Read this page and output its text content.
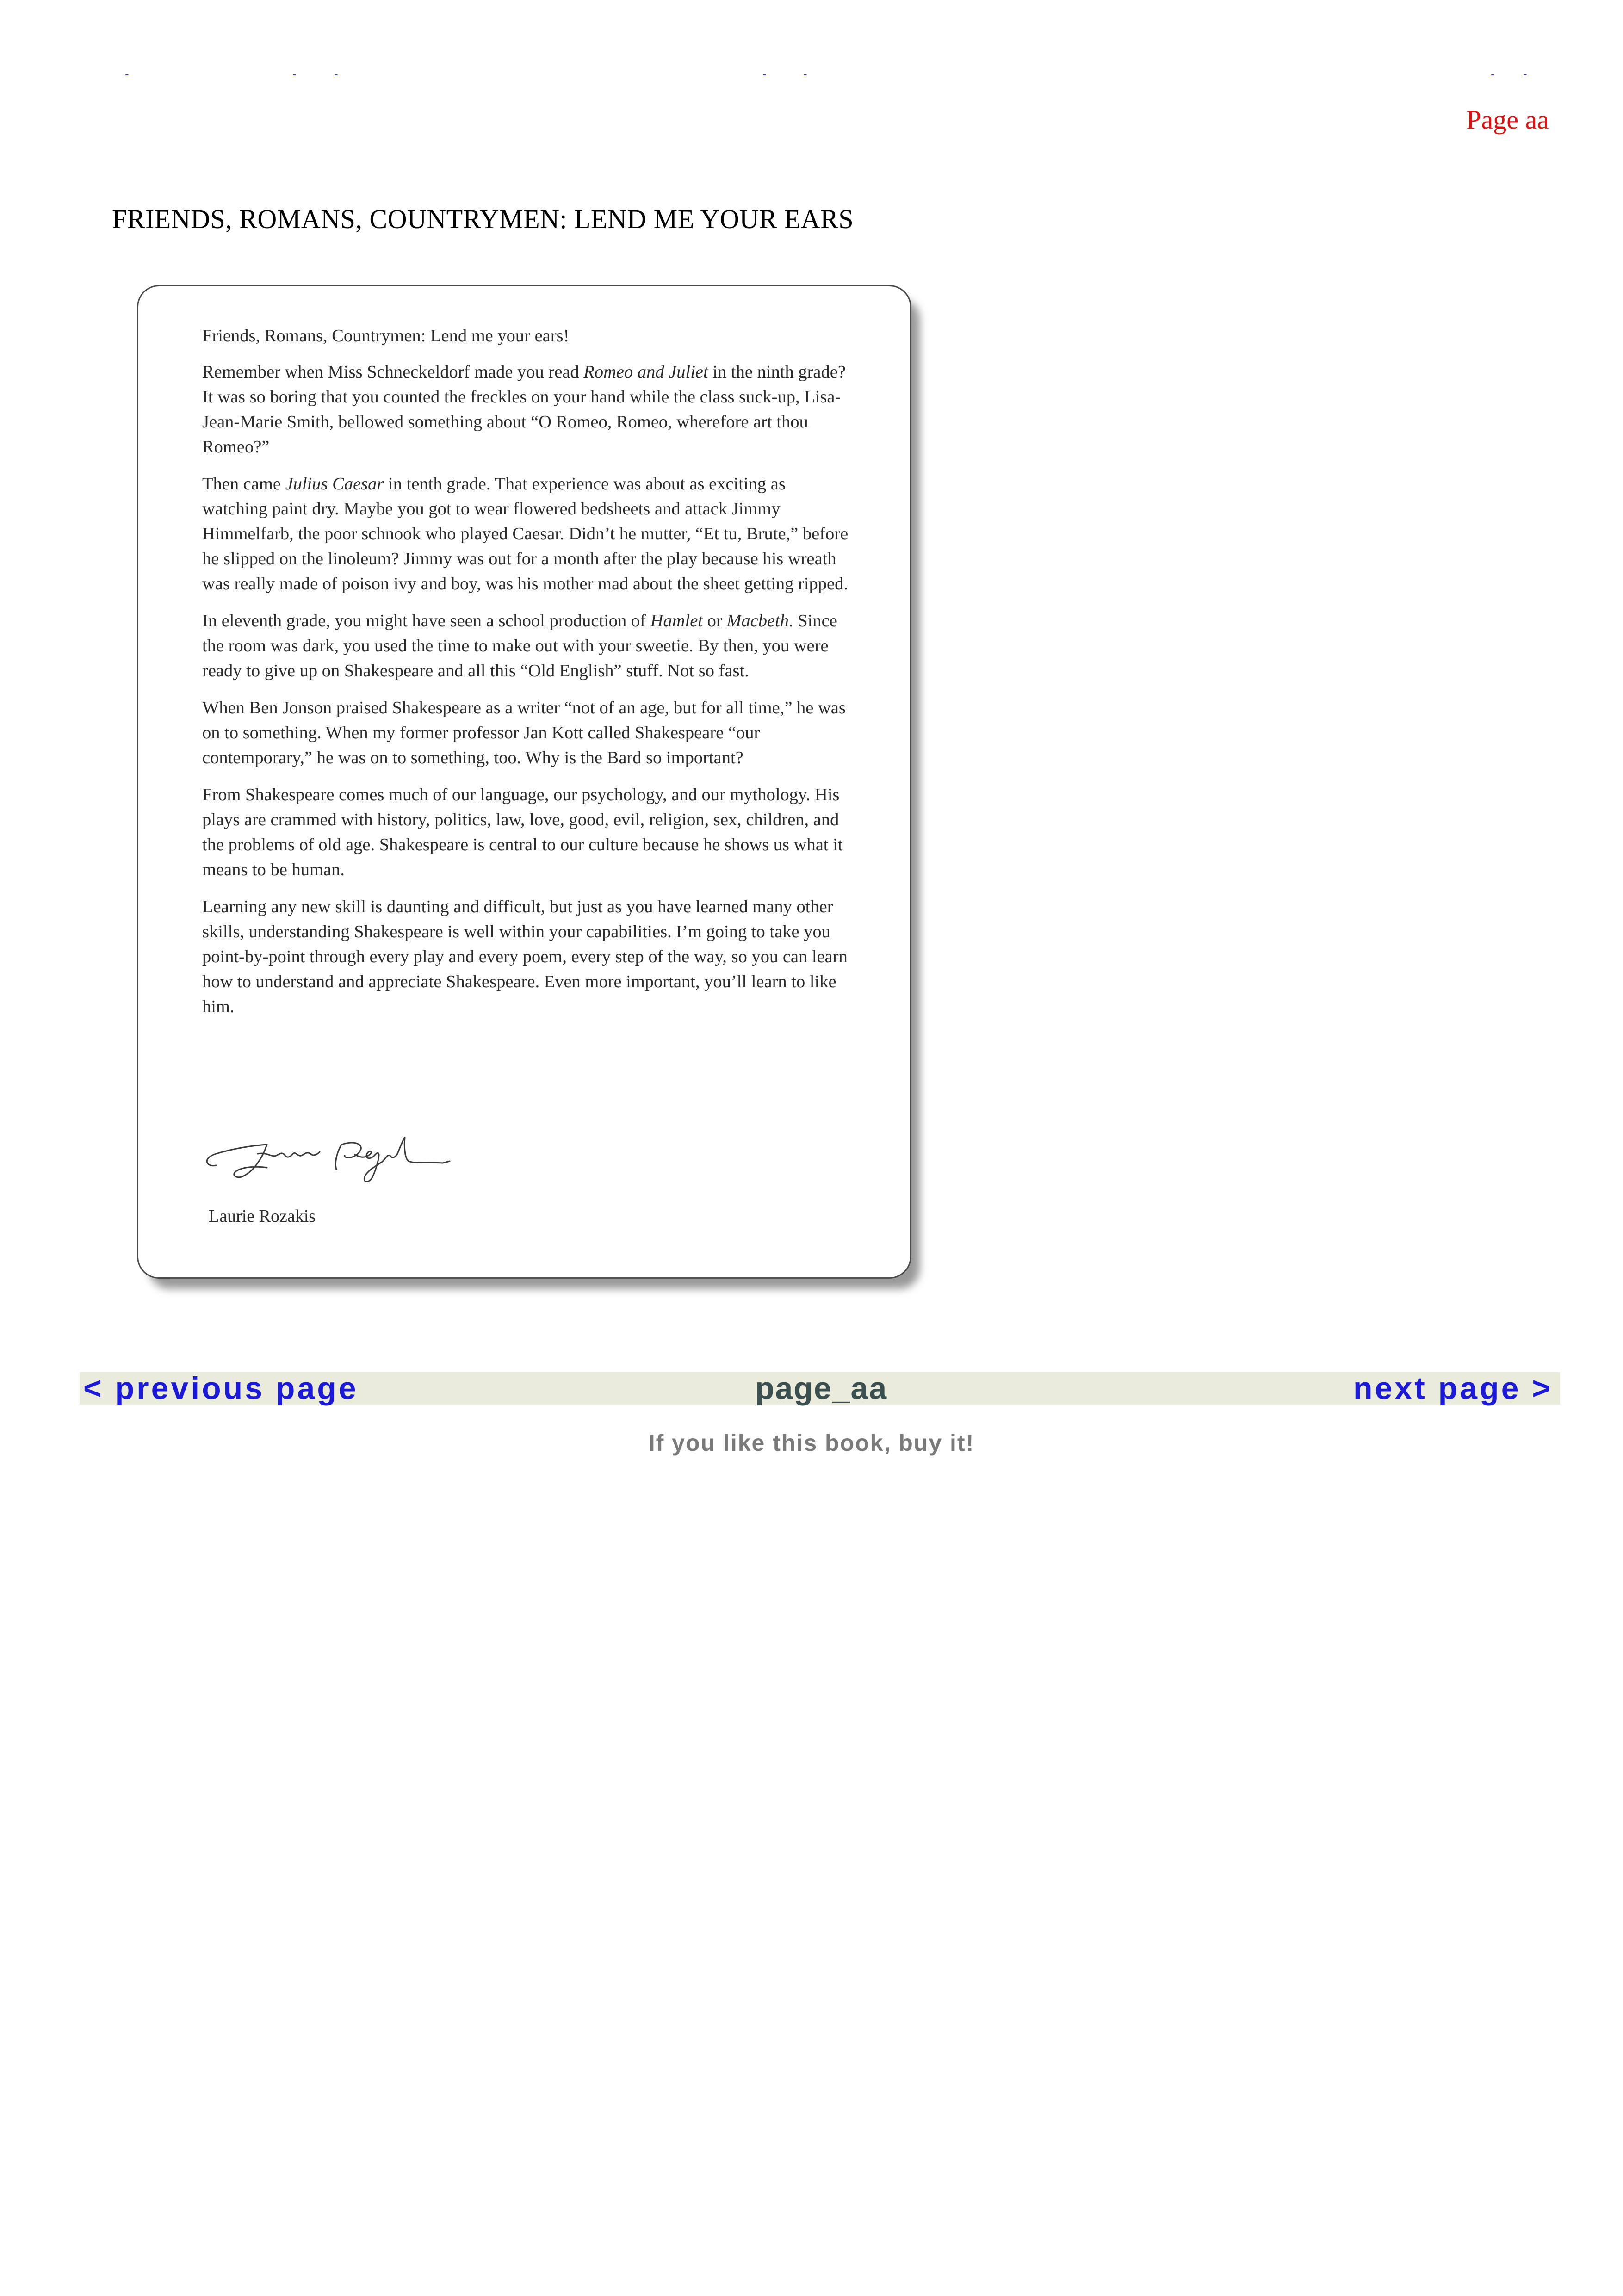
‐	‐	‐	‐	‐	‐ ‐
Page aa
FRIENDS, ROMANS, COUNTRYMEN: LEND ME YOUR EARS

Friends, Romans, Countrymen: Lend me your ears!

Remember when Miss Schneckeldorf made you read Romeo and Juliet in the ninth grade? It was so boring that you counted the freckles on your hand while the class suck-up, Lisa-Jean-Marie Smith, bellowed something about “O Romeo, Romeo, wherefore art thou Romeo?”

Then came Julius Caesar in tenth grade. That experience was about as exciting as watching paint dry. Maybe you got to wear flowered bedsheets and attack Jimmy Himmelfarb, the poor schnook who played Caesar. Didn’t he mutter, “Et tu, Brute,” before he slipped on the linoleum? Jimmy was out for a month after the play because his wreath was really made of poison ivy and boy, was his mother mad about the sheet getting ripped.

In eleventh grade, you might have seen a school production of Hamlet or Macbeth. Since the room was dark, you used the time to make out with your sweetie. By then, you were ready to give up on Shakespeare and all this “Old English” stuff. Not so fast.

When Ben Jonson praised Shakespeare as a writer “not of an age, but for all time,” he was on to something. When my former professor Jan Kott called Shakespeare “our contemporary,” he was on to something, too. Why is the Bard so important?

From Shakespeare comes much of our language, our psychology, and our mythology. His plays are crammed with history, politics, law, love, good, evil, religion, sex, children, and the problems of old age. Shakespeare is central to our culture because he shows us what it means to be human.

Learning any new skill is daunting and difficult, but just as you have learned many other skills, understanding Shakespeare is well within your capabilities. I’m going to take you point-by-point through every play and every poem, every step of the way, so you can learn how to understand and appreciate Shakespeare. Even more important, you’ll learn to like him.

Laurie Rozakis
< previous page	page_aa	next page >
If you like this book, buy it!
